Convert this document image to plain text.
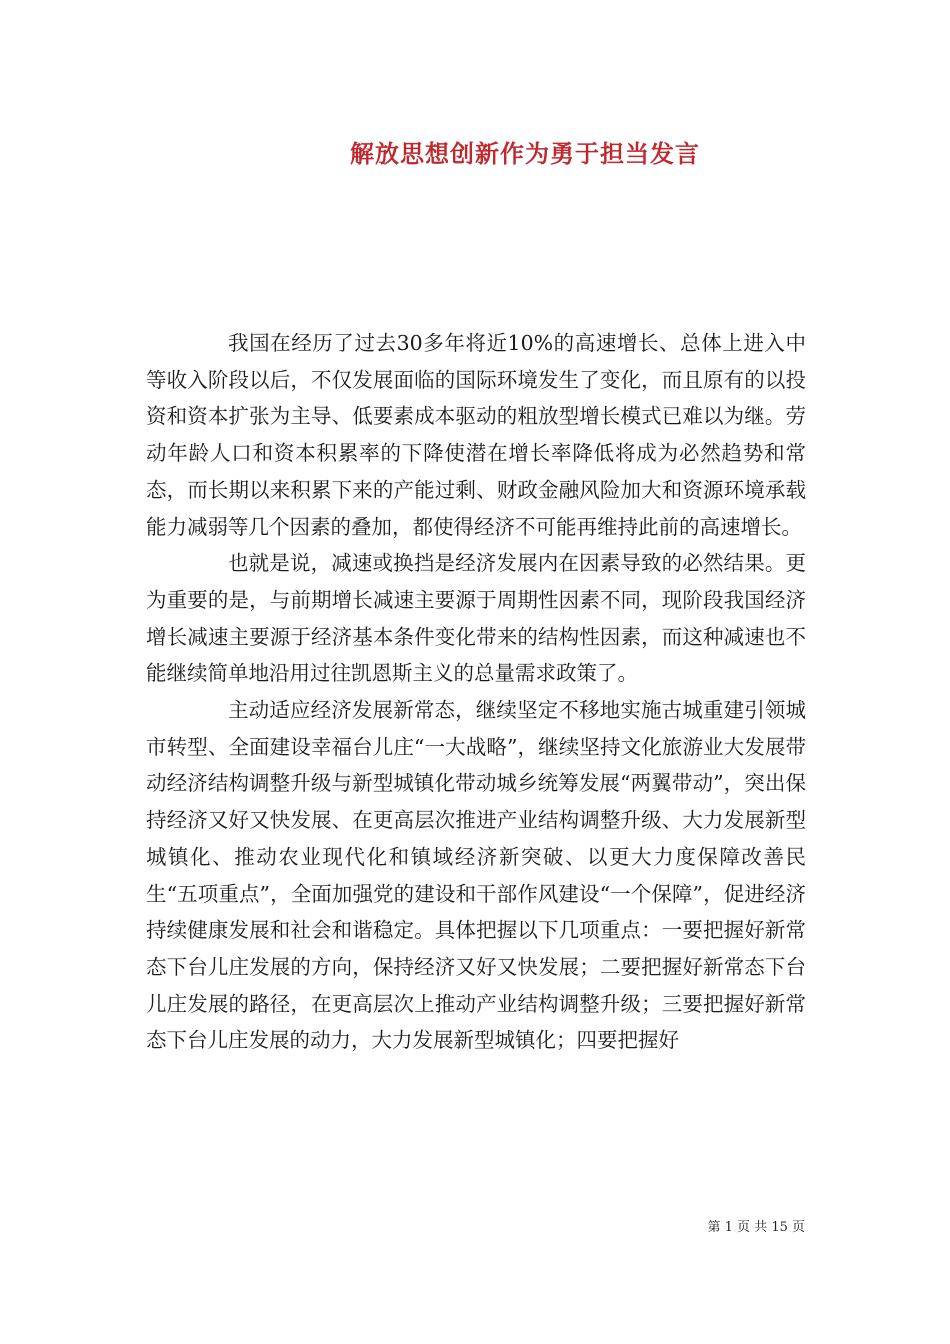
解放思想创新作为勇于担当发言

我国在经历了过去30多年将近10%的高速增长、总体上进入中等收入阶段以后，不仅发展面临的国际环境发生了变化，而且原有的以投资和资本扩张为主导、低要素成本驱动的粗放型增长模式已难以为继。劳动年龄人口和资本积累率的下降使潜在增长率降低将成为必然趋势和常态，而长期以来积累下来的产能过剩、财政金融风险加大和资源环境承载能力减弱等几个因素的叠加，都使得经济不可能再维持此前的高速增长。

也就是说，减速或换挡是经济发展内在因素导致的必然结果。更为重要的是，与前期增长减速主要源于周期性因素不同，现阶段我国经济增长减速主要源于经济基本条件变化带来的结构性因素，而这种减速也不能继续简单地沿用过往凯恩斯主义的总量需求政策了。

主动适应经济发展新常态，继续坚定不移地实施古城重建引领城市转型、全面建设幸福台儿庄“一大战略”，继续坚持文化旅游业大发展带动经济结构调整升级与新型城镇化带动城乡统筹发展“两翼带动”，突出保持经济又好又快发展、在更高层次推进产业结构调整升级、大力发展新型城镇化、推动农业现代化和镇域经济新突破、以更大力度保障改善民生“五项重点”，全面加强党的建设和干部作风建设“一个保障”，促进经济持续健康发展和社会和谐稳定。具体把握以下几项重点：一要把握好新常态下台儿庄发展的方向，保持经济又好又快发展；二要把握好新常态下台儿庄发展的路径，在更高层次上推动产业结构调整升级；三要把握好新常态下台儿庄发展的动力，大力发展新型城镇化；四要把握好

第 1 页 共 15 页
